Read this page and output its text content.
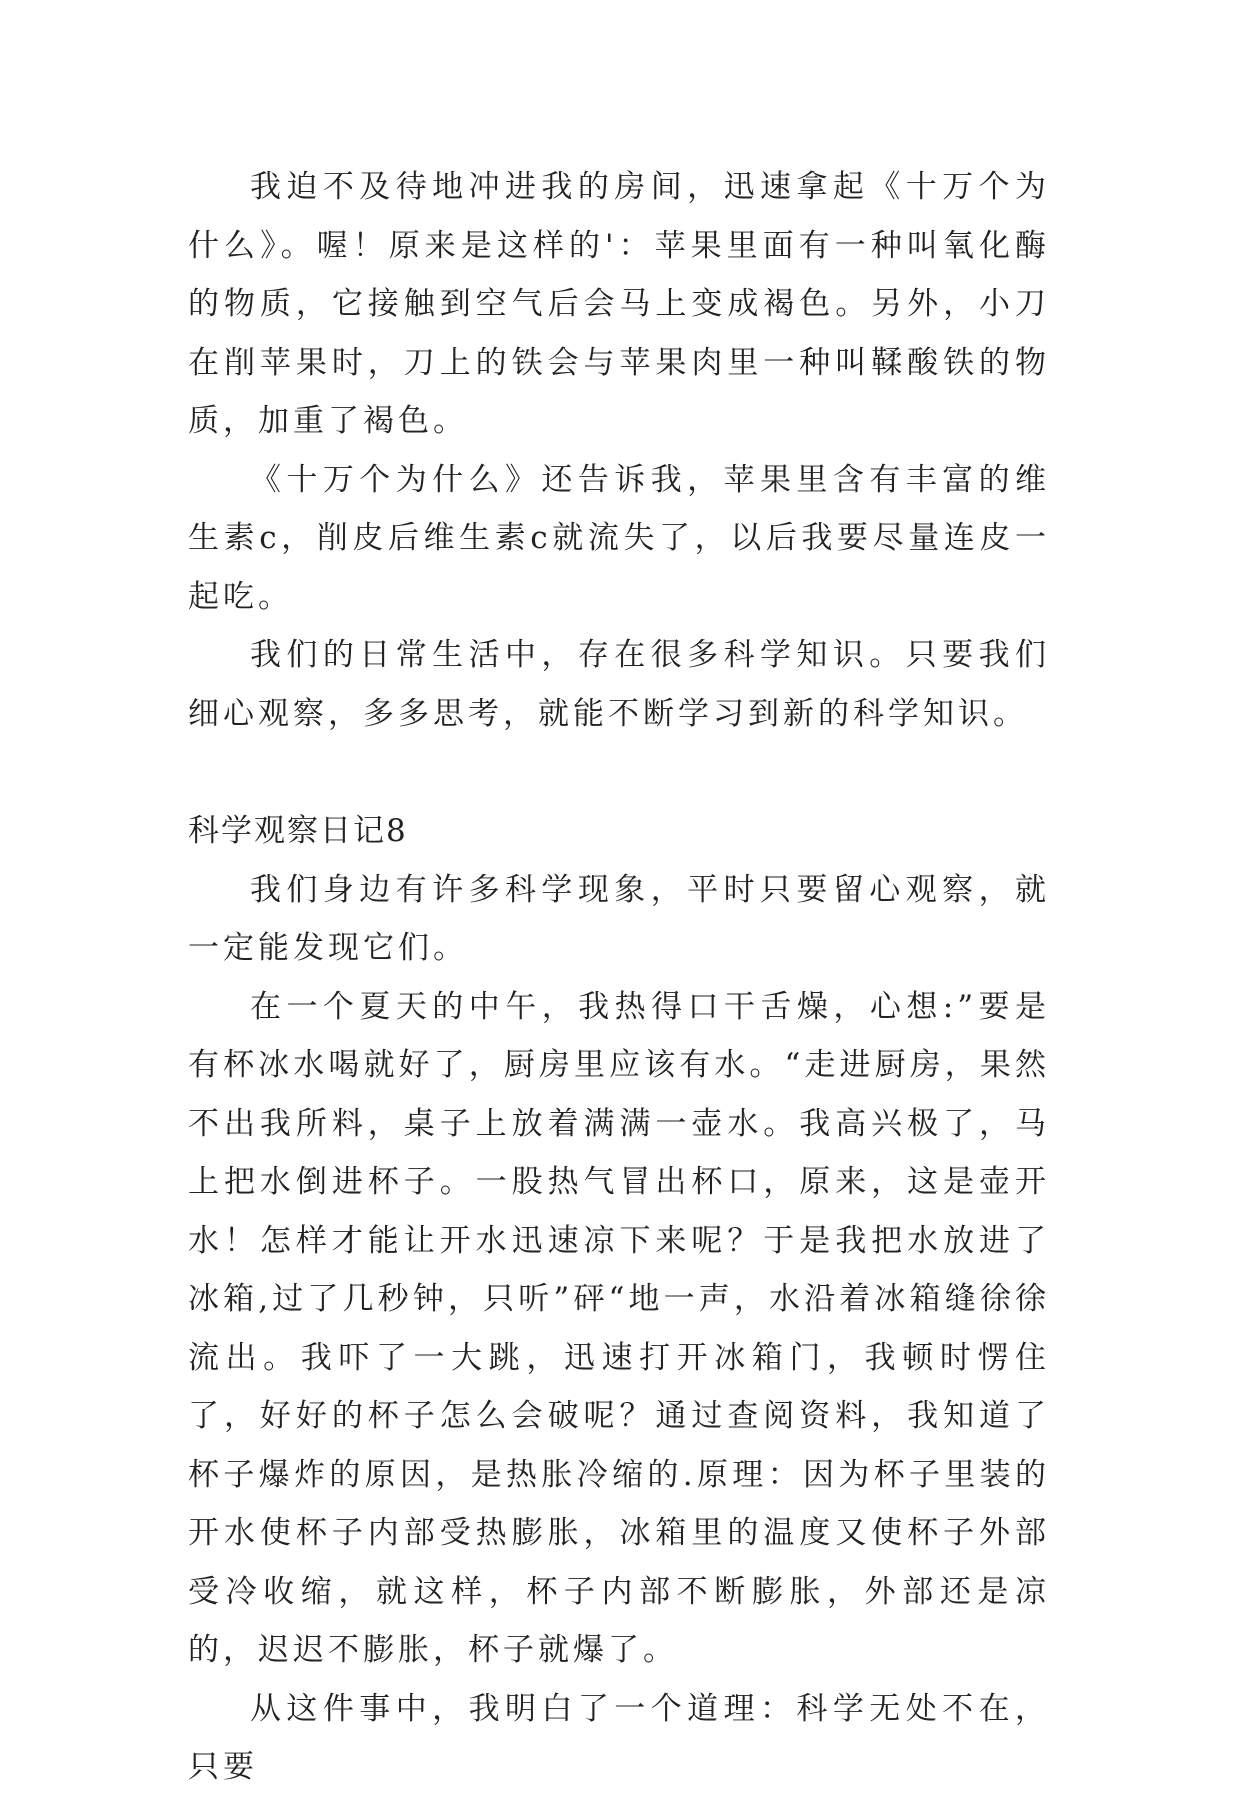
我迫不及待地冲进我的房间，迅速拿起《十万个为什么》。喔！原来是这样的'：苹果里面有一种叫氧化酶的物质，它接触到空气后会马上变成褐色。另外，小刀在削苹果时，刀上的铁会与苹果肉里一种叫鞣酸铁的物质，加重了褐色。

《十万个为什么》还告诉我，苹果里含有丰富的维生素c，削皮后维生素c就流失了，以后我要尽量连皮一起吃。

我们的日常生活中，存在很多科学知识。只要我们细心观察，多多思考，就能不断学习到新的科学知识。

科学观察日记8

我们身边有许多科学现象，平时只要留心观察，就一定能发现它们。

在一个夏天的中午，我热得口干舌燥，心想:”要是有杯冰水喝就好了，厨房里应该有水。“走进厨房，果然不出我所料，桌子上放着满满一壶水。我高兴极了，马上把水倒进杯子。一股热气冒出杯口，原来，这是壶开水！怎样才能让开水迅速凉下来呢？于是我把水放进了冰箱,过了几秒钟，只听”砰“地一声，水沿着冰箱缝徐徐流出。我吓了一大跳，迅速打开冰箱门，我顿时愣住了，好好的杯子怎么会破呢？通过查阅资料，我知道了杯子爆炸的原因，是热胀冷缩的.原理：因为杯子里装的开水使杯子内部受热膨胀，冰箱里的温度又使杯子外部受冷收缩，就这样，杯子内部不断膨胀，外部还是凉的，迟迟不膨胀，杯子就爆了。

从这件事中，我明白了一个道理：科学无处不在，只要
